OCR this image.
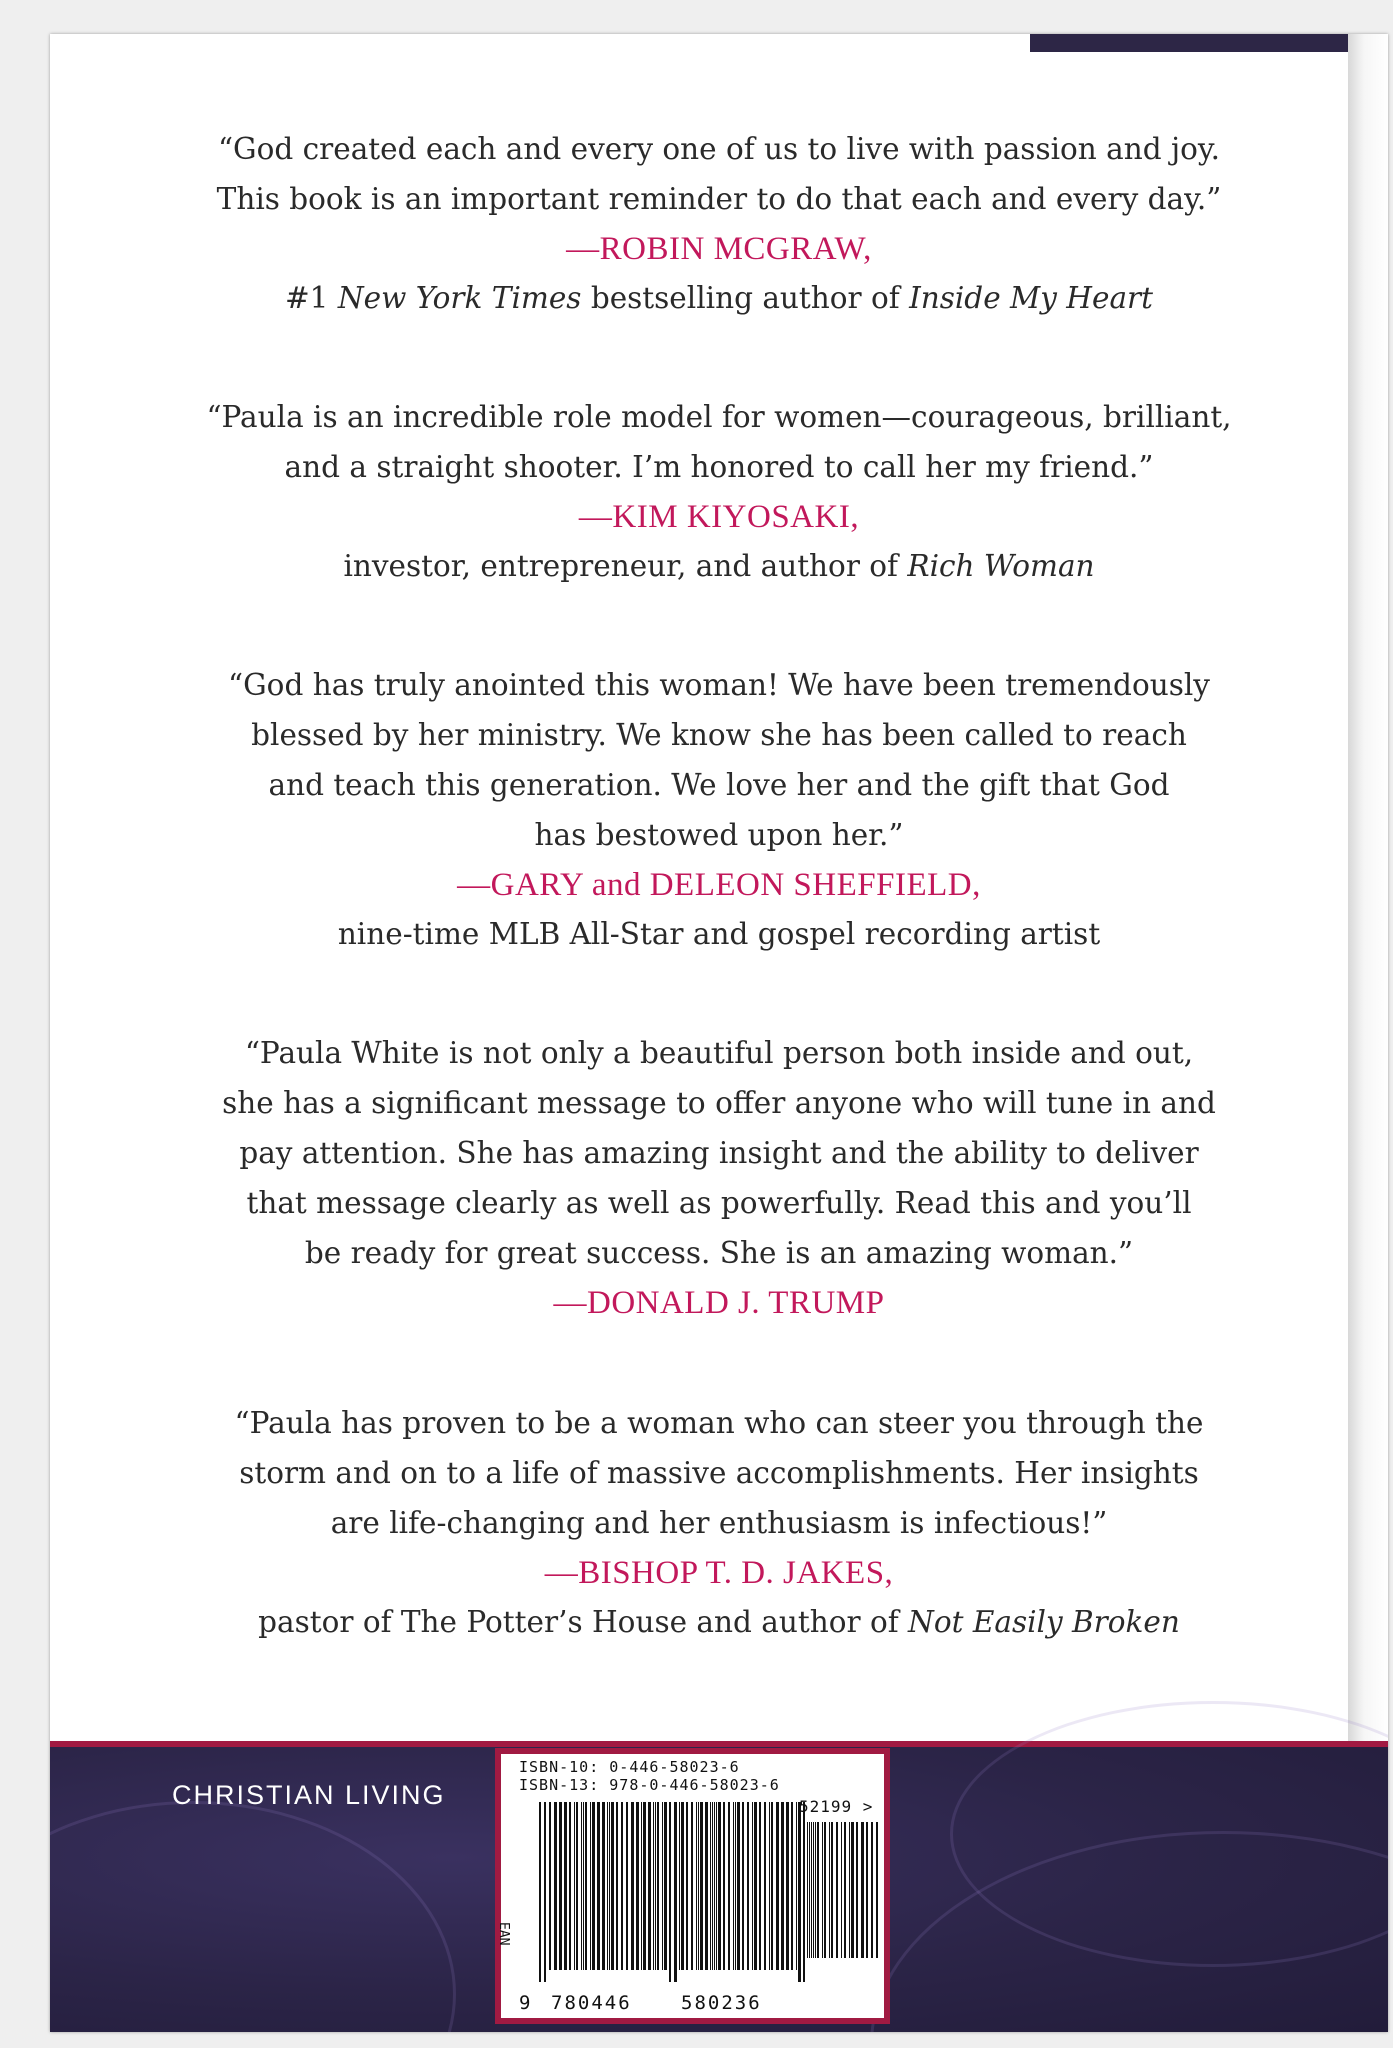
“God created each and every one of us to live with passion and joy.
This book is an important reminder to do that each and every day.”
—ROBIN MCGRAW,
#1 New York Times bestselling author of Inside My Heart
“Paula is an incredible role model for women—courageous, brilliant,
and a straight shooter. I’m honored to call her my friend.”
—KIM KIYOSAKI,
investor, entrepreneur, and author of Rich Woman
“God has truly anointed this woman! We have been tremendously
blessed by her ministry. We know she has been called to reach
and teach this generation. We love her and the gift that God
has bestowed upon her.”
—GARY and DELEON SHEFFIELD,
nine-time MLB All-Star and gospel recording artist
“Paula White is not only a beautiful person both inside and out,
she has a significant message to offer anyone who will tune in and
pay attention. She has amazing insight and the ability to deliver
that message clearly as well as powerfully. Read this and you’ll
be ready for great success. She is an amazing woman.”
—DONALD J. TRUMP
“Paula has proven to be a woman who can steer you through the
storm and on to a life of massive accomplishments. Her insights
are life-changing and her enthusiasm is infectious!”
—BISHOP T. D. JAKES,
pastor of The Potter’s House and author of Not Easily Broken
CHRISTIAN LIVING
ISBN-10: 0-446-58023-6
ISBN-13: 978-0-446-58023-6
EAN
52199 >
9 780446	580236
